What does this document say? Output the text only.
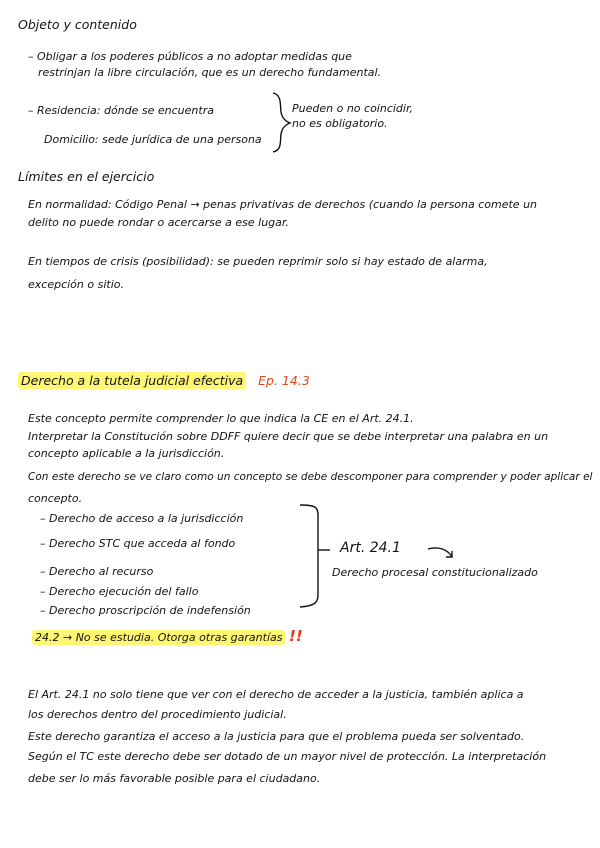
Objeto y contenido
– Obligar a los poderes públicos a no adoptar medidas que
restrinjan la libre circulación, que es un derecho fundamental.
– Residencia: dónde se encuentra
Domicilio: sede jurídica de una persona
Pueden o no coincidir,
no es obligatorio.
Límites en el ejercicio
En normalidad: Código Penal → penas privativas de derechos (cuando la persona comete un
delito no puede rondar o acercarse a ese lugar.
En tiempos de crisis (posibilidad): se pueden reprimir solo si hay estado de alarma,
excepción o sitio.
Derecho a la tutela judicial efectiva Ep. 14.3
Este concepto permite comprender lo que indica la CE en el Art. 24.1.
Interpretar la Constitución sobre DDFF quiere decir que se debe interpretar una palabra en un
concepto aplicable a la jurisdicción.
Con este derecho se ve claro como un concepto se debe descomponer para comprender y poder aplicar el
concepto.
– Derecho de acceso a la jurisdicción
– Derecho STC que acceda al fondo
– Derecho al recurso
– Derecho ejecución del fallo
– Derecho proscripción de indefensión
Art. 24.1
Derecho procesal constitucionalizado
24.2 → No se estudia. Otorga otras garantías !!
El Art. 24.1 no solo tiene que ver con el derecho de acceder a la justicia, también aplica a
los derechos dentro del procedimiento judicial.
Este derecho garantiza el acceso a la justicia para que el problema pueda ser solventado.
Según el TC este derecho debe ser dotado de un mayor nivel de protección. La interpretación
debe ser lo más favorable posible para el ciudadano.
